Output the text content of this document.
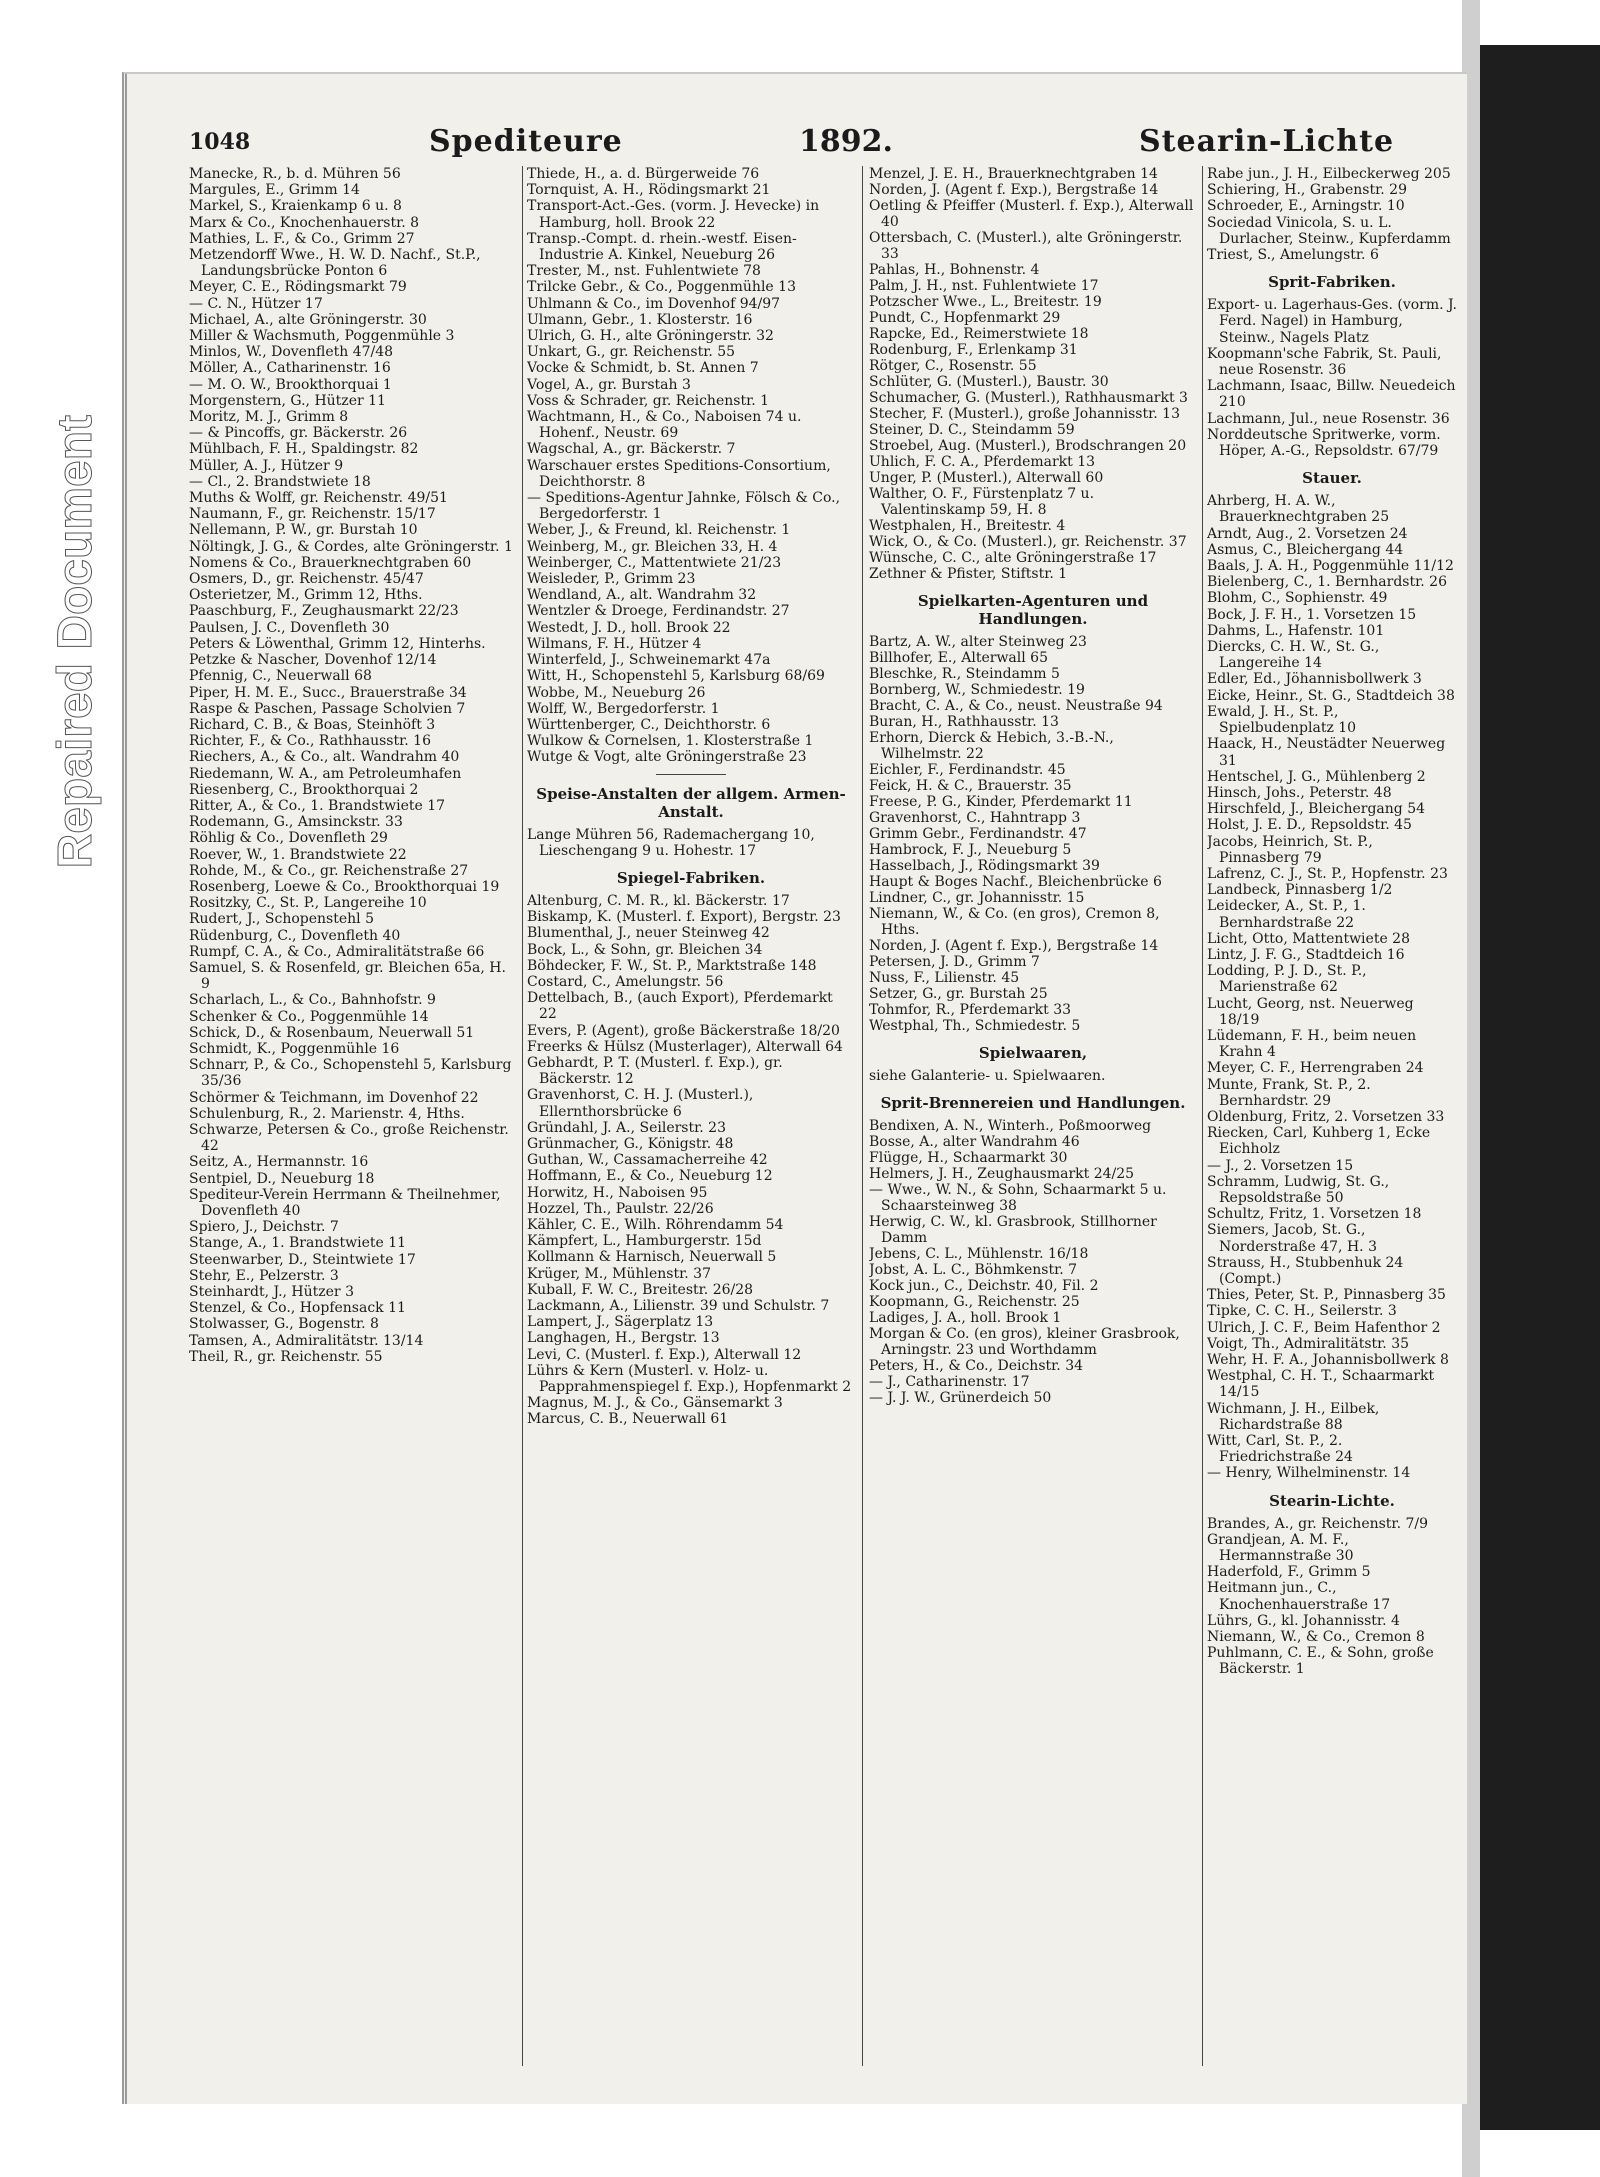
Repaired Document
1048	Spediteure	1892.	Stearin-Lichte
Manecke, R., b. d. Mühren 56
Margules, E., Grimm 14
Markel, S., Kraienkamp 6 u. 8
Marx & Co., Knochenhauerstr. 8
Mathies, L. F., & Co., Grimm 27
Metzendorff Wwe., H. W. D. Nachf., St.P., Landungsbrücke Ponton 6
Meyer, C. E., Rödingsmarkt 79
— C. N., Hützer 17
Michael, A., alte Gröningerstr. 30
Miller & Wachsmuth, Poggenmühle 3
Minlos, W., Dovenfleth 47/48
Möller, A., Catharinenstr. 16
— M. O. W., Brookthorquai 1
Morgenstern, G., Hützer 11
Moritz, M. J., Grimm 8
— & Pincoffs, gr. Bäckerstr. 26
Mühlbach, F. H., Spaldingstr. 82
Müller, A. J., Hützer 9
— Cl., 2. Brandstwiete 18
Muths & Wolff, gr. Reichenstr. 49/51
Naumann, F., gr. Reichenstr. 15/17
Nellemann, P. W., gr. Burstah 10
Nöltingk, J. G., & Cordes, alte Gröningerstr. 1
Nomens & Co., Brauerknechtgraben 60
Osmers, D., gr. Reichenstr. 45/47
Osterietzer, M., Grimm 12, Hths.
Paaschburg, F., Zeughausmarkt 22/23
Paulsen, J. C., Dovenfleth 30
Peters & Löwenthal, Grimm 12, Hinterhs.
Petzke & Nascher, Dovenhof 12/14
Pfennig, C., Neuerwall 68
Piper, H. M. E., Succ., Brauerstraße 34
Raspe & Paschen, Passage Scholvien 7
Richard, C. B., & Boas, Steinhöft 3
Richter, F., & Co., Rathhausstr. 16
Riechers, A., & Co., alt. Wandrahm 40
Riedemann, W. A., am Petroleumhafen
Riesenberg, C., Brookthorquai 2
Ritter, A., & Co., 1. Brandstwiete 17
Rodemann, G., Amsinckstr. 33
Röhlig & Co., Dovenfleth 29
Roever, W., 1. Brandstwiete 22
Rohde, M., & Co., gr. Reichenstraße 27
Rosenberg, Loewe & Co., Brookthorquai 19
Rositzky, C., St. P., Langereihe 10
Rudert, J., Schopenstehl 5
Rüdenburg, C., Dovenfleth 40
Rumpf, C. A., & Co., Admiralitätstraße 66
Samuel, S. & Rosenfeld, gr. Bleichen 65a, H. 9
Scharlach, L., & Co., Bahnhofstr. 9
Schenker & Co., Poggenmühle 14
Schick, D., & Rosenbaum, Neuerwall 51
Schmidt, K., Poggenmühle 16
Schnarr, P., & Co., Schopenstehl 5, Karlsburg 35/36
Schörmer & Teichmann, im Dovenhof 22
Schulenburg, R., 2. Marienstr. 4, Hths.
Schwarze, Petersen & Co., große Reichenstr. 42
Seitz, A., Hermannstr. 16
Sentpiel, D., Neueburg 18
Spediteur-Verein Herrmann & Theilnehmer, Dovenfleth 40
Spiero, J., Deichstr. 7
Stange, A., 1. Brandstwiete 11
Steenwarber, D., Steintwiete 17
Stehr, E., Pelzerstr. 3
Steinhardt, J., Hützer 3
Stenzel, & Co., Hopfensack 11
Stolwasser, G., Bogenstr. 8
Tamsen, A., Admiralitätstr. 13/14
Theil, R., gr. Reichenstr. 55
Thiede, H., a. d. Bürgerweide 76
Tornquist, A. H., Rödingsmarkt 21
Transport-Act.-Ges. (vorm. J. Hevecke) in Hamburg, holl. Brook 22
Transp.-Compt. d. rhein.-westf. Eisen-Industrie A. Kinkel, Neueburg 26
Trester, M., nst. Fuhlentwiete 78
Trilcke Gebr., & Co., Poggenmühle 13
Uhlmann & Co., im Dovenhof 94/97
Ulmann, Gebr., 1. Klosterstr. 16
Ulrich, G. H., alte Gröningerstr. 32
Unkart, G., gr. Reichenstr. 55
Vocke & Schmidt, b. St. Annen 7
Vogel, A., gr. Burstah 3
Voss & Schrader, gr. Reichenstr. 1
Wachtmann, H., & Co., Naboisen 74 u. Hohenf., Neustr. 69
Wagschal, A., gr. Bäckerstr. 7
Warschauer erstes Speditions-Consortium, Deichthorstr. 8
— Speditions-Agentur Jahnke, Fölsch & Co., Bergedorferstr. 1
Weber, J., & Freund, kl. Reichenstr. 1
Weinberg, M., gr. Bleichen 33, H. 4
Weinberger, C., Mattentwiete 21/23
Weisleder, P., Grimm 23
Wendland, A., alt. Wandrahm 32
Wentzler & Droege, Ferdinandstr. 27
Westedt, J. D., holl. Brook 22
Wilmans, F. H., Hützer 4
Winterfeld, J., Schweinemarkt 47a
Witt, H., Schopenstehl 5, Karlsburg 68/69
Wobbe, M., Neueburg 26
Wolff, W., Bergedorferstr. 1
Württenberger, C., Deichthorstr. 6
Wulkow & Cornelsen, 1. Klosterstraße 1
Wutge & Vogt, alte Gröningerstraße 23
Speise-Anstalten der allgem. Armen-Anstalt.
Lange Mühren 56, Rademachergang 10, Lieschengang 9 u. Hohestr. 17
Spiegel-Fabriken.
Altenburg, C. M. R., kl. Bäckerstr. 17
Biskamp, K. (Musterl. f. Export), Bergstr. 23
Blumenthal, J., neuer Steinweg 42
Bock, L., & Sohn, gr. Bleichen 34
Böhdecker, F. W., St. P., Marktstraße 148
Costard, C., Amelungstr. 56
Dettelbach, B., (auch Export), Pferdemarkt 22
Evers, P. (Agent), große Bäckerstraße 18/20
Freerks & Hülsz (Musterlager), Alterwall 64
Gebhardt, P. T. (Musterl. f. Exp.), gr. Bäckerstr. 12
Gravenhorst, C. H. J. (Musterl.), Ellernthorsbrücke 6
Gründahl, J. A., Seilerstr. 23
Grünmacher, G., Königstr. 48
Guthan, W., Cassamacherreihe 42
Hoffmann, E., & Co., Neueburg 12
Horwitz, H., Naboisen 95
Hozzel, Th., Paulstr. 22/26
Kähler, C. E., Wilh. Röhrendamm 54
Kämpfert, L., Hamburgerstr. 15d
Kollmann & Harnisch, Neuerwall 5
Krüger, M., Mühlenstr. 37
Kuball, F. W. C., Breitestr. 26/28
Lackmann, A., Lilienstr. 39 und Schulstr. 7
Lampert, J., Sägerplatz 13
Langhagen, H., Bergstr. 13
Levi, C. (Musterl. f. Exp.), Alterwall 12
Lührs & Kern (Musterl. v. Holz- u. Papprahmenspiegel f. Exp.), Hopfenmarkt 2
Magnus, M. J., & Co., Gänsemarkt 3
Marcus, C. B., Neuerwall 61
Menzel, J. E. H., Brauerknechtgraben 14
Norden, J. (Agent f. Exp.), Bergstraße 14
Oetling & Pfeiffer (Musterl. f. Exp.), Alterwall 40
Ottersbach, C. (Musterl.), alte Gröningerstr. 33
Pahlas, H., Bohnenstr. 4
Palm, J. H., nst. Fuhlentwiete 17
Potzscher Wwe., L., Breitestr. 19
Pundt, C., Hopfenmarkt 29
Rapcke, Ed., Reimerstwiete 18
Rodenburg, F., Erlenkamp 31
Rötger, C., Rosenstr. 55
Schlüter, G. (Musterl.), Baustr. 30
Schumacher, G. (Musterl.), Rathhausmarkt 3
Stecher, F. (Musterl.), große Johannisstr. 13
Steiner, D. C., Steindamm 59
Stroebel, Aug. (Musterl.), Brodschrangen 20
Uhlich, F. C. A., Pferdemarkt 13
Unger, P. (Musterl.), Alterwall 60
Walther, O. F., Fürstenplatz 7 u. Valentinskamp 59, H. 8
Westphalen, H., Breitestr. 4
Wick, O., & Co. (Musterl.), gr. Reichenstr. 37
Wünsche, C. C., alte Gröningerstraße 17
Zethner & Pfister, Stiftstr. 1
Spielkarten-Agenturen und Handlungen.
Bartz, A. W., alter Steinweg 23
Billhofer, E., Alterwall 65
Bleschke, R., Steindamm 5
Bornberg, W., Schmiedestr. 19
Bracht, C. A., & Co., neust. Neustraße 94
Buran, H., Rathhausstr. 13
Erhorn, Dierck & Hebich, 3.-B.-N., Wilhelmstr. 22
Eichler, F., Ferdinandstr. 45
Feick, H. & C., Brauerstr. 35
Freese, P. G., Kinder, Pferdemarkt 11
Gravenhorst, C., Hahntrapp 3
Grimm Gebr., Ferdinandstr. 47
Hambrock, F. J., Neueburg 5
Hasselbach, J., Rödingsmarkt 39
Haupt & Boges Nachf., Bleichenbrücke 6
Lindner, C., gr. Johannisstr. 15
Niemann, W., & Co. (en gros), Cremon 8, Hths.
Norden, J. (Agent f. Exp.), Bergstraße 14
Petersen, J. D., Grimm 7
Nuss, F., Lilienstr. 45
Setzer, G., gr. Burstah 25
Tohmfor, R., Pferdemarkt 33
Westphal, Th., Schmiedestr. 5
Spielwaaren,
siehe Galanterie- u. Spielwaaren.
Sprit-Brennereien und Handlungen.
Bendixen, A. N., Winterh., Poßmoorweg
Bosse, A., alter Wandrahm 46
Flügge, H., Schaarmarkt 30
Helmers, J. H., Zeughausmarkt 24/25
— Wwe., W. N., & Sohn, Schaarmarkt 5 u. Schaarsteinweg 38
Herwig, C. W., kl. Grasbrook, Stillhorner Damm
Jebens, C. L., Mühlenstr. 16/18
Jobst, A. L. C., Böhmkenstr. 7
Kock jun., C., Deichstr. 40, Fil. 2
Koopmann, G., Reichenstr. 25
Ladiges, J. A., holl. Brook 1
Morgan & Co. (en gros), kleiner Grasbrook, Arningstr. 23 und Worthdamm
Peters, H., & Co., Deichstr. 34
— J., Catharinenstr. 17
— J. J. W., Grünerdeich 50
Rabe jun., J. H., Eilbeckerweg 205
Schiering, H., Grabenstr. 29
Schroeder, E., Arningstr. 10
Sociedad Vinicola, S. u. L. Durlacher, Steinw., Kupferdamm
Triest, S., Amelungstr. 6
Sprit-Fabriken.
Export- u. Lagerhaus-Ges. (vorm. J. Ferd. Nagel) in Hamburg, Steinw., Nagels Platz
Koopmann'sche Fabrik, St. Pauli, neue Rosenstr. 36
Lachmann, Isaac, Billw. Neuedeich 210
Lachmann, Jul., neue Rosenstr. 36
Norddeutsche Spritwerke, vorm. Höper, A.-G., Repsoldstr. 67/79
Stauer.
Ahrberg, H. A. W., Brauerknechtgraben 25
Arndt, Aug., 2. Vorsetzen 24
Asmus, C., Bleichergang 44
Baals, J. A. H., Poggenmühle 11/12
Bielenberg, C., 1. Bernhardstr. 26
Blohm, C., Sophienstr. 49
Bock, J. F. H., 1. Vorsetzen 15
Dahms, L., Hafenstr. 101
Diercks, C. H. W., St. G., Langereihe 14
Edler, Ed., Jöhannisbollwerk 3
Eicke, Heinr., St. G., Stadtdeich 38
Ewald, J. H., St. P., Spielbudenplatz 10
Haack, H., Neustädter Neuerweg 31
Hentschel, J. G., Mühlenberg 2
Hinsch, Johs., Peterstr. 48
Hirschfeld, J., Bleichergang 54
Holst, J. E. D., Repsoldstr. 45
Jacobs, Heinrich, St. P., Pinnasberg 79
Lafrenz, C. J., St. P., Hopfenstr. 23
Landbeck, Pinnasberg 1/2
Leidecker, A., St. P., 1. Bernhardstraße 22
Licht, Otto, Mattentwiete 28
Lintz, J. F. G., Stadtdeich 16
Lodding, P. J. D., St. P., Marienstraße 62
Lucht, Georg, nst. Neuerweg 18/19
Lüdemann, F. H., beim neuen Krahn 4
Meyer, C. F., Herrengraben 24
Munte, Frank, St. P., 2. Bernhardstr. 29
Oldenburg, Fritz, 2. Vorsetzen 33
Riecken, Carl, Kuhberg 1, Ecke Eichholz
— J., 2. Vorsetzen 15
Schramm, Ludwig, St. G., Repsoldstraße 50
Schultz, Fritz, 1. Vorsetzen 18
Siemers, Jacob, St. G., Norderstraße 47, H. 3
Strauss, H., Stubbenhuk 24 (Compt.)
Thies, Peter, St. P., Pinnasberg 35
Tipke, C. C. H., Seilerstr. 3
Ulrich, J. C. F., Beim Hafenthor 2
Voigt, Th., Admiralitätstr. 35
Wehr, H. F. A., Johannisbollwerk 8
Westphal, C. H. T., Schaarmarkt 14/15
Wichmann, J. H., Eilbek, Richardstraße 88
Witt, Carl, St. P., 2. Friedrichstraße 24
— Henry, Wilhelminenstr. 14
Stearin-Lichte.
Brandes, A., gr. Reichenstr. 7/9
Grandjean, A. M. F., Hermannstraße 30
Haderfold, F., Grimm 5
Heitmann jun., C., Knochenhauerstraße 17
Lührs, G., kl. Johannisstr. 4
Niemann, W., & Co., Cremon 8
Puhlmann, C. E., & Sohn, große Bäckerstr. 1
